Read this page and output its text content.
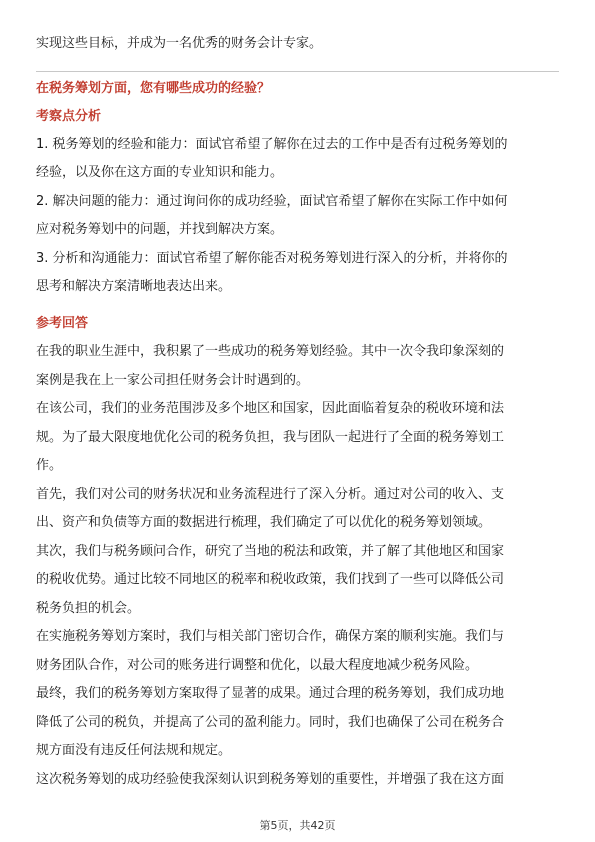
实现这些目标，并成为一名优秀的财务会计专家。
在税务筹划方面，您有哪些成功的经验？
考察点分析
1. 税务筹划的经验和能力：面试官希望了解你在过去的工作中是否有过税务筹划的
经验，以及你在这方面的专业知识和能力。
2. 解决问题的能力：通过询问你的成功经验，面试官希望了解你在实际工作中如何
应对税务筹划中的问题，并找到解决方案。
3. 分析和沟通能力：面试官希望了解你能否对税务筹划进行深入的分析，并将你的
思考和解决方案清晰地表达出来。
参考回答
在我的职业生涯中，我积累了一些成功的税务筹划经验。其中一次令我印象深刻的
案例是我在上一家公司担任财务会计时遇到的。
在该公司，我们的业务范围涉及多个地区和国家，因此面临着复杂的税收环境和法
规。为了最大限度地优化公司的税务负担，我与团队一起进行了全面的税务筹划工
作。
首先，我们对公司的财务状况和业务流程进行了深入分析。通过对公司的收入、支
出、资产和负债等方面的数据进行梳理，我们确定了可以优化的税务筹划领域。
其次，我们与税务顾问合作，研究了当地的税法和政策，并了解了其他地区和国家
的税收优势。通过比较不同地区的税率和税收政策，我们找到了一些可以降低公司
税务负担的机会。
在实施税务筹划方案时，我们与相关部门密切合作，确保方案的顺利实施。我们与
财务团队合作，对公司的账务进行调整和优化，以最大程度地减少税务风险。
最终，我们的税务筹划方案取得了显著的成果。通过合理的税务筹划，我们成功地
降低了公司的税负，并提高了公司的盈利能力。同时，我们也确保了公司在税务合
规方面没有违反任何法规和规定。
这次税务筹划的成功经验使我深刻认识到税务筹划的重要性，并增强了我在这方面
第5页，共42页
